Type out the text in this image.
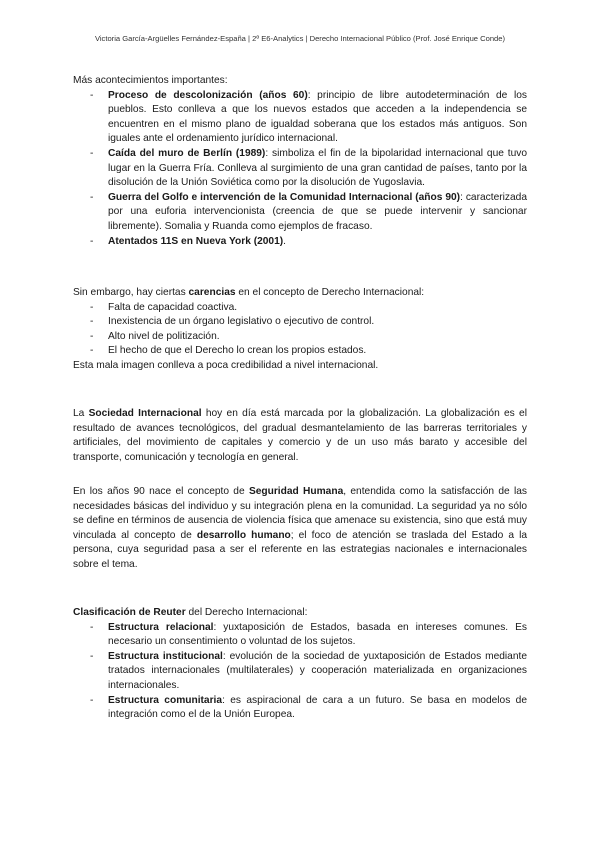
Victoria García-Argüelles Fernández-España | 2º E6-Analytics | Derecho Internacional Público (Prof. José Enrique Conde)

Más acontecimientos importantes:

- Proceso de descolonización (años 60): principio de libre autodeterminación de los pueblos. Esto conlleva a que los nuevos estados que acceden a la independencia se encuentren en el mismo plano de igualdad soberana que los estados más antiguos. Son iguales ante el ordenamiento jurídico internacional.
- Caída del muro de Berlín (1989): simboliza el fin de la bipolaridad internacional que tuvo lugar en la Guerra Fría. Conlleva al surgimiento de una gran cantidad de países, tanto por la disolución de la Unión Soviética como por la disolución de Yugoslavia.
- Guerra del Golfo e intervención de la Comunidad Internacional (años 90): caracterizada por una euforia intervencionista (creencia de que se puede intervenir y sancionar libremente). Somalia y Ruanda como ejemplos de fracaso.
- Atentados 11S en Nueva York (2001).

Sin embargo, hay ciertas carencias en el concepto de Derecho Internacional:

- Falta de capacidad coactiva.
- Inexistencia de un órgano legislativo o ejecutivo de control.
- Alto nivel de politización.
- El hecho de que el Derecho lo crean los propios estados.

Esta mala imagen conlleva a poca credibilidad a nivel internacional.

La Sociedad Internacional hoy en día está marcada por la globalización. La globalización es el resultado de avances tecnológicos, del gradual desmantelamiento de las barreras territoriales y artificiales, del movimiento de capitales y comercio y de un uso más barato y accesible del transporte, comunicación y tecnología en general.

En los años 90 nace el concepto de Seguridad Humana, entendida como la satisfacción de las necesidades básicas del individuo y su integración plena en la comunidad. La seguridad ya no sólo se define en términos de ausencia de violencia física que amenace su existencia, sino que está muy vinculada al concepto de desarrollo humano; el foco de atención se traslada del Estado a la persona, cuya seguridad pasa a ser el referente en las estrategias nacionales e internacionales sobre el tema.

Clasificación de Reuter del Derecho Internacional:

- Estructura relacional: yuxtaposición de Estados, basada en intereses comunes. Es necesario un consentimiento o voluntad de los sujetos.
- Estructura institucional: evolución de la sociedad de yuxtaposición de Estados mediante tratados internacionales (multilaterales) y cooperación materializada en organizaciones internacionales.
- Estructura comunitaria: es aspiracional de cara a un futuro. Se basa en modelos de integración como el de la Unión Europea.
